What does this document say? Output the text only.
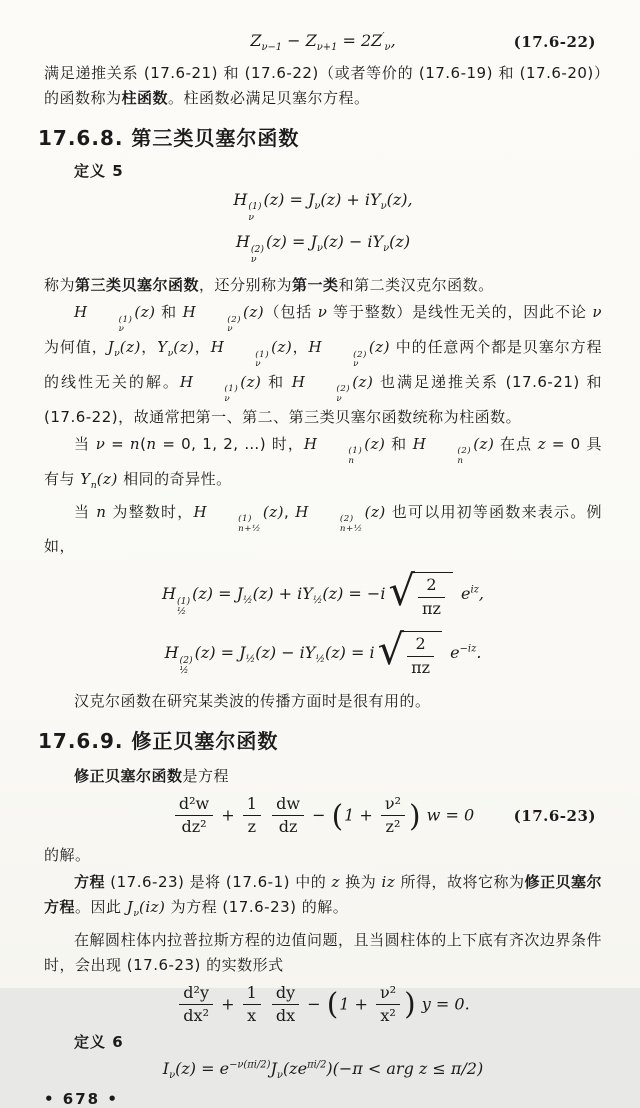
$Z_{\nu-1} - Z_{\nu+1} = 2Z'_\nu$,	(17.6-22)

满足递推关系 (17.6-21) 和 (17.6-22)（或者等价的 (17.6-19) 和 (17.6-20)）的函数称为柱函数。柱函数必满足贝塞尔方程。

17.6.8. 第三类贝塞尔函数

定义 5

H (1)
ν
$(z) = J_\nu(z) + iY_\nu(z)$,
H (2)
ν
$(z) = J_\nu(z) - iY_\nu(z)$

称为第三类贝塞尔函数，还分别称为第一类和第二类汉克尔函数。

H	(1)
ν
(z) 和 H	(2)
ν
(z)（包括 ν 等于整数）是线性无关的，因此不论 ν 为何值，$J_\nu(z)$，$Y_\nu(z)$，H	(1)
ν
(z)，H	(2)
ν
(z) 中的任意两个都是贝塞尔方程的线性无关的解。H	(1)
ν
(z) 和 H	(2)
ν
(z) 也满足递推关系 (17.6-21) 和 (17.6-22)，故通常把第一、第二、第三类贝塞尔函数统称为柱函数。

当 ν = n(n = 0, 1, 2, …) 时，H	(1)
n
(z) 和 H	(2)
n
(z) 在点 z = 0 具有与 $Y_n(z)$ 相同的奇异性。

当 n 为整数时，H	(1)
n+½
(z), H	(2)
n+½
(z) 也可以用初等函数来表示。例如，

H (1)
½
$(z) = J_{\frac{1}{2}}(z) + iY_{\frac{1}{2}}(z) = -i$ √ $\frac{2}{\pi z} e^{iz}$,
H (2)
½
$(z) = J_{\frac{1}{2}}(z) - iY_{\frac{1}{2}}(z) = i$ √ $\frac{2}{\pi z} e^{-iz}$.

汉克尔函数在研究某类波的传播方面时是很有用的。

17.6.9. 修正贝塞尔函数

修正贝塞尔函数是方程

$\frac{\text{d²w}}{\text{dz²}} + \frac{1}{z}$
$\frac{dw}{dz} - (1 + \frac{\text{ν²}}{\text{z²}}$ ) w = 0	(17.6-23)

的解。

方程 (17.6-23) 是将 (17.6-1) 中的 z 换为 iz 所得，故将它称为修正贝塞尔方程。因此 $J_\nu(iz)$ 为方程 (17.6-23) 的解。

在解圆柱体内拉普拉斯方程的边值问题，且当圆柱体的上下底有齐次边界条件时，会出现 (17.6-23) 的实数形式

$\frac{\text{d²y}}{\text{dx²}} + \frac{1}{x}$
$\frac{dy}{dx} - (1 + \frac{\text{ν²}}{\text{x²}}$ ) y = 0.

定义 6

$I_\nu(z) = e^{-\nu(\pi i/2)}J_\nu(ze^{\pi i/2})(-\pi$ < arg z ≤ π/2)
• 678 •
